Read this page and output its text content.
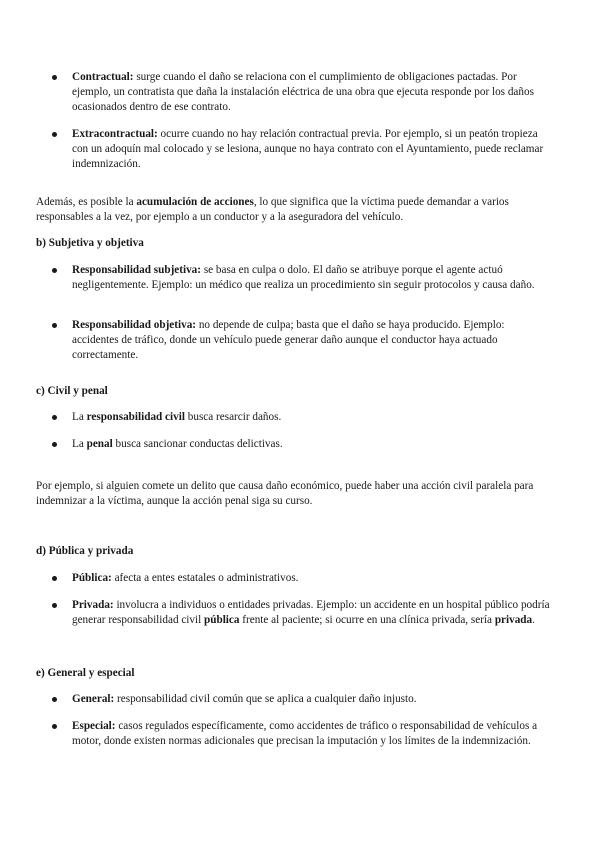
Contractual: surge cuando el daño se relaciona con el cumplimiento de obligaciones pactadas. Por ejemplo, un contratista que daña la instalación eléctrica de una obra que ejecuta responde por los daños ocasionados dentro de ese contrato.
Extracontractual: ocurre cuando no hay relación contractual previa. Por ejemplo, si un peatón tropieza con un adoquín mal colocado y se lesiona, aunque no haya contrato con el Ayuntamiento, puede reclamar indemnización.
Además, es posible la acumulación de acciones, lo que significa que la víctima puede demandar a varios responsables a la vez, por ejemplo a un conductor y a la aseguradora del vehículo.
b) Subjetiva y objetiva
Responsabilidad subjetiva: se basa en culpa o dolo. El daño se atribuye porque el agente actuó negligentemente. Ejemplo: un médico que realiza un procedimiento sin seguir protocolos y causa daño.
Responsabilidad objetiva: no depende de culpa; basta que el daño se haya producido. Ejemplo: accidentes de tráfico, donde un vehículo puede generar daño aunque el conductor haya actuado correctamente.
c) Civil y penal
La responsabilidad civil busca resarcir daños.
La penal busca sancionar conductas delictivas.
Por ejemplo, si alguien comete un delito que causa daño económico, puede haber una acción civil paralela para indemnizar a la víctima, aunque la acción penal siga su curso.
d) Pública y privada
Pública: afecta a entes estatales o administrativos.
Privada: involucra a individuos o entidades privadas. Ejemplo: un accidente en un hospital público podría generar responsabilidad civil pública frente al paciente; si ocurre en una clínica privada, sería privada.
e) General y especial
General: responsabilidad civil común que se aplica a cualquier daño injusto.
Especial: casos regulados específicamente, como accidentes de tráfico o responsabilidad de vehículos a motor, donde existen normas adicionales que precisan la imputación y los límites de la indemnización.
